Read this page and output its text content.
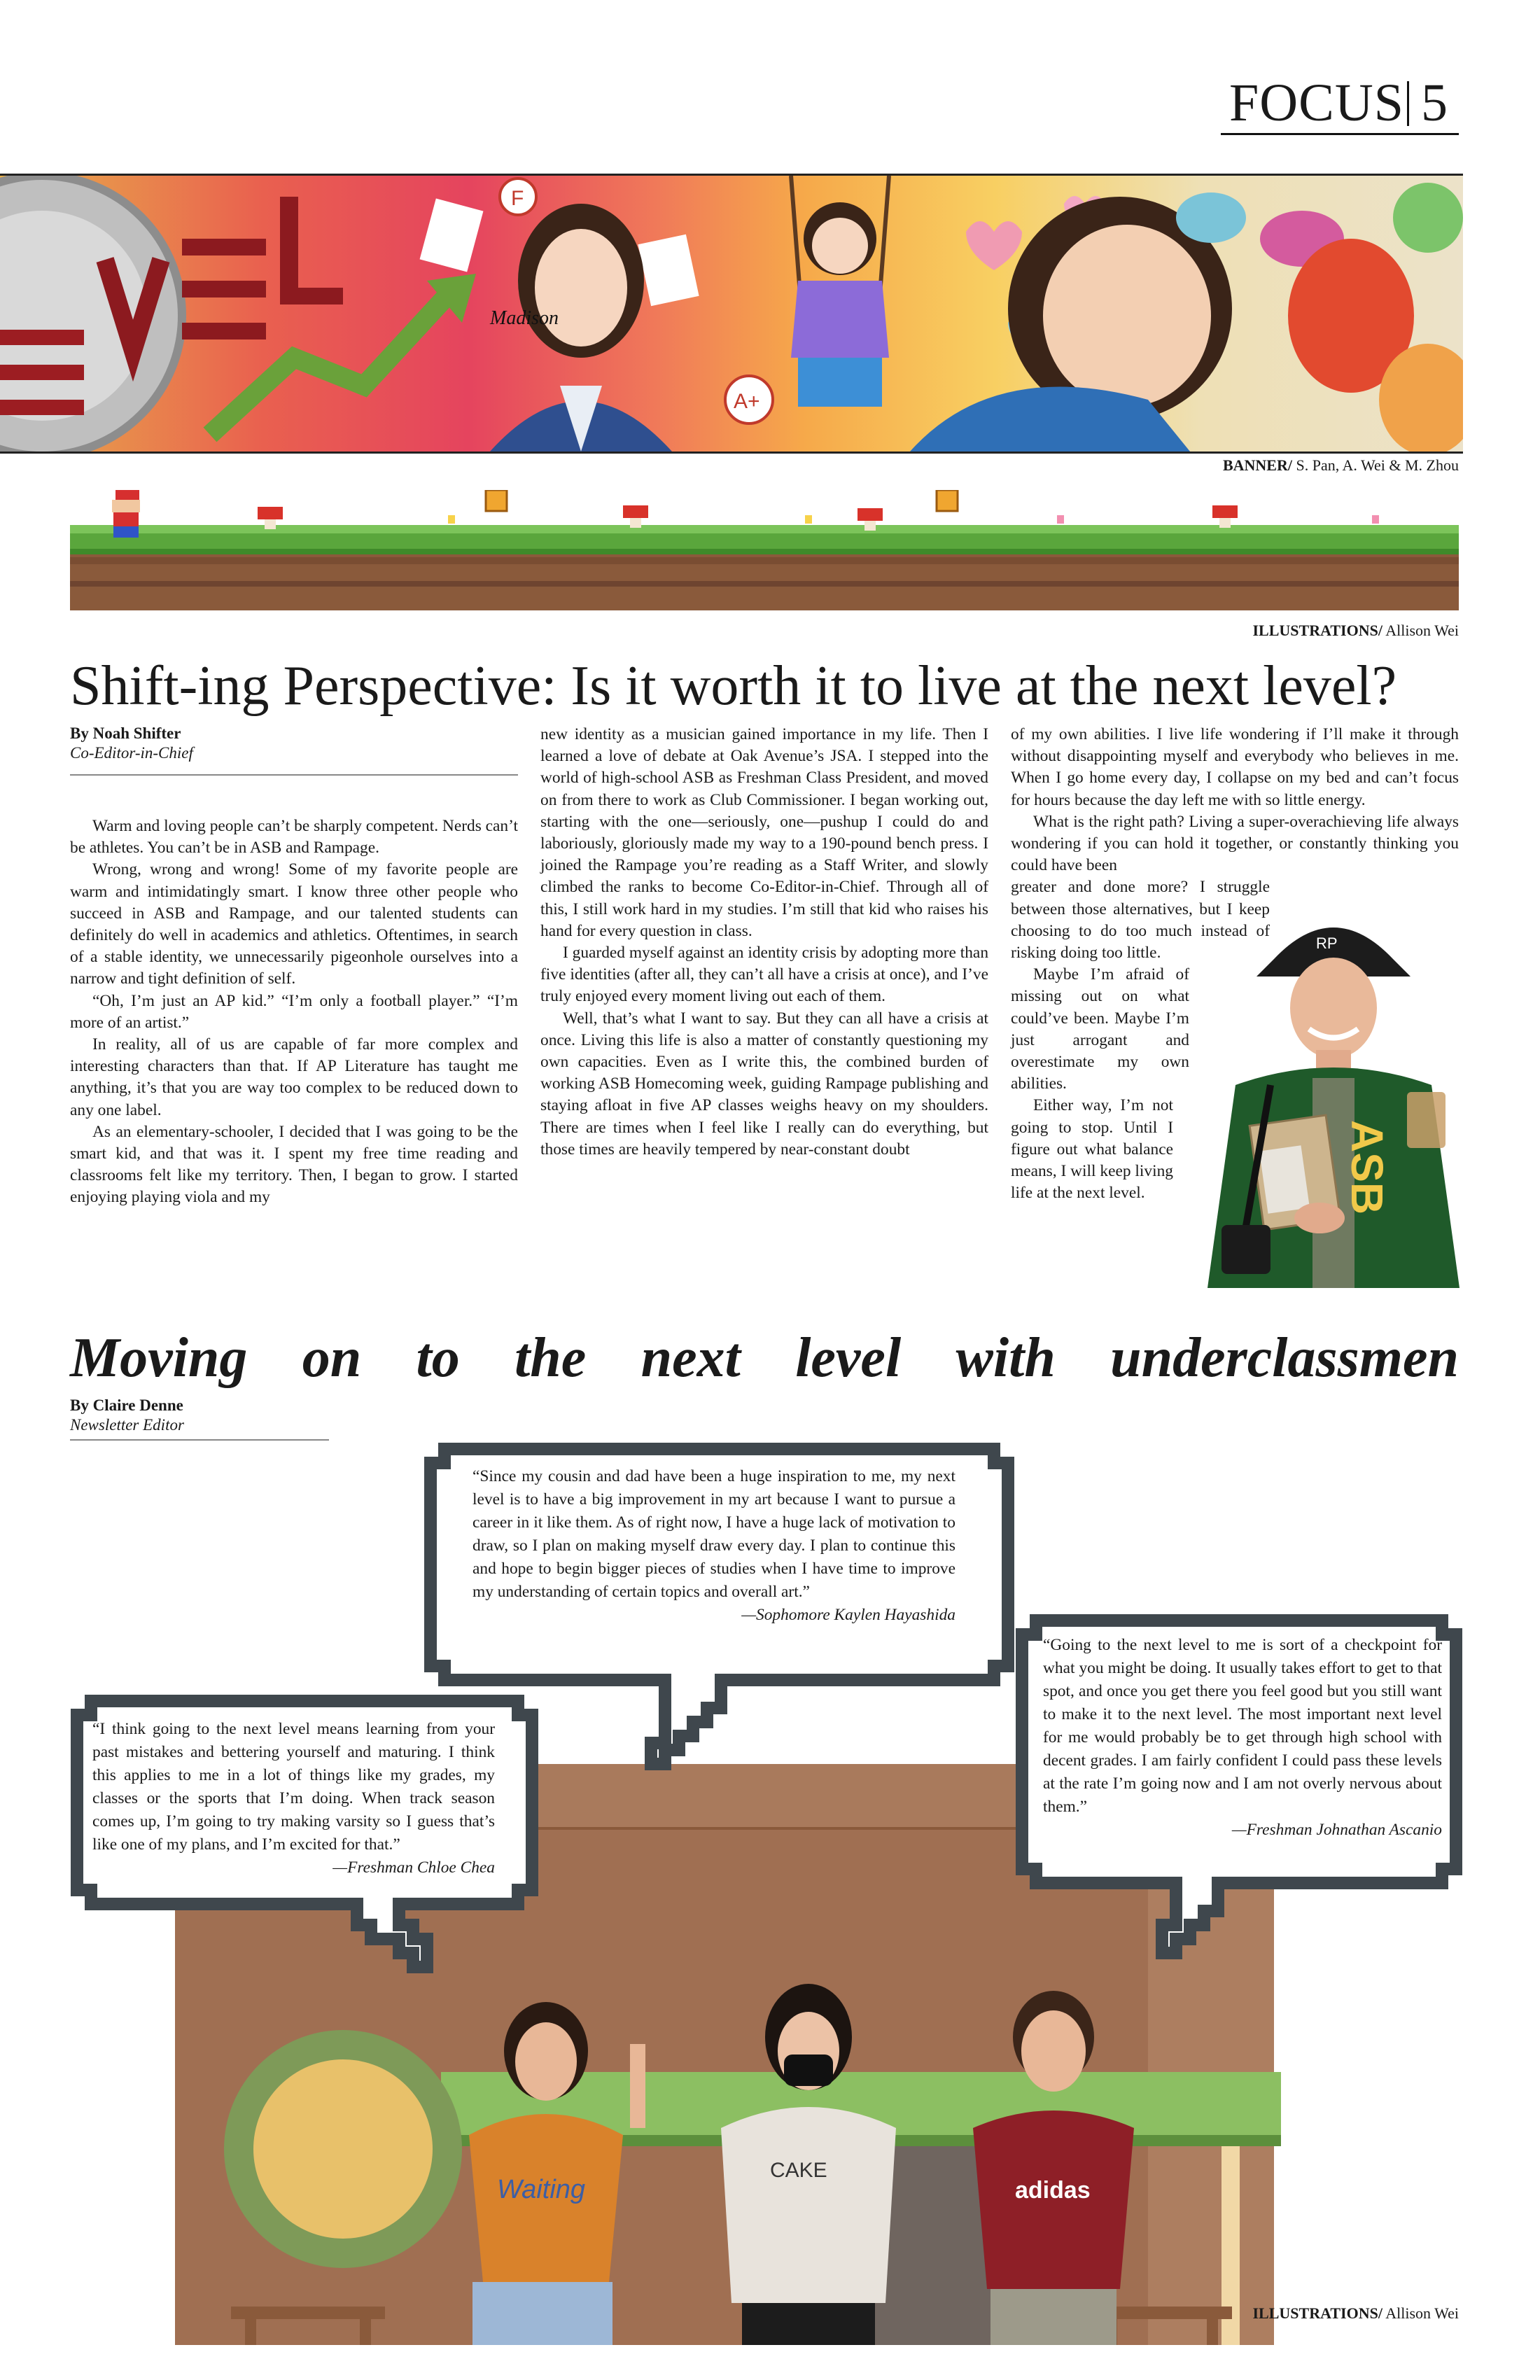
FOCUS 5
F
A+
Madison
BANNER/ S. Pan, A. Wei & M. Zhou
ILLUSTRATIONS/ Allison Wei
Shift-ing Perspective: Is it worth it to live at the next level?
By Noah Shifter
Co-Editor-in-Chief

Warm and loving people can’t be sharply competent. Nerds can’t be athletes. You can’t be in ASB and Rampage.

Wrong, wrong and wrong! Some of my favorite people are warm and intimidatingly smart. I know three other people who succeed in ASB and Rampage, and our talented students can definitely do well in academics and athletics. Oftentimes, in search of a stable identity, we unnecessarily pigeonhole ourselves into a narrow and tight definition of self.

“Oh, I’m just an AP kid.” “I’m only a football player.” “I’m more of an artist.”

In reality, all of us are capable of far more complex and interesting characters than that. If AP Literature has taught me anything, it’s that you are way too complex to be reduced down to any one label.

As an elementary-schooler, I decided that I was going to be the smart kid, and that was it. I spent my free time reading and classrooms felt like my territory. Then, I began to grow. I started enjoying playing viola and my

new identity as a musician gained importance in my life. Then I learned a love of debate at Oak Avenue’s JSA. I stepped into the world of high-school ASB as Freshman Class President, and moved on from there to work as Club Commissioner. I began working out, starting with the one—seriously, one—pushup I could do and laboriously, gloriously made my way to a 190-pound bench press. I joined the Rampage you’re reading as a Staff Writer, and slowly climbed the ranks to become Co-Editor-in-Chief. Through all of this, I still work hard in my studies. I’m still that kid who raises his hand for every question in class.

I guarded myself against an identity crisis by adopting more than five identities (after all, they can’t all have a crisis at once), and I’ve truly enjoyed every moment living out each of them.

Well, that’s what I want to say. But they can all have a crisis at once. Living this life is also a matter of constantly questioning my own capacities. Even as I write this, the combined burden of working ASB Homecoming week, guiding Rampage publishing and staying afloat in five AP classes weighs heavy on my shoulders. There are times when I feel like I really can do everything, but those times are heavily tempered by near-constant doubt

of my own abilities. I live life wondering if I’ll make it through without disappointing myself and everybody who believes in me. When I go home every day, I collapse on my bed and can’t focus for hours because the day left me with so little energy.

What is the right path? Living a super-overachieving life always wondering if you can hold it together, or constantly thinking you could have been

greater and done more? I struggle between those alternatives, but I keep choosing to do too much instead of risking doing too little.

Maybe I’m afraid of missing out on what could’ve been. Maybe I’m just arrogant and overestimate my own abilities.

Either way, I’m not going to stop. Until I figure out what balance means, I will keep living life at the next level.

RP
ASB
Moving on to the next level with underclassmen
By Claire Denne
Newsletter Editor
Waiting
CAKE
adidas

“Since my cousin and dad have been a huge inspiration to me, my next level is to have a big improvement in my art because I want to pursue a career in it like them. As of right now, I have a huge lack of motivation to draw, so I plan on making myself draw every day. I plan to continue this and hope to begin bigger pieces of studies when I have time to improve my understanding of certain topics and overall art.”

—Sophomore Kaylen Hayashida

“I think going to the next level means learning from your past mistakes and bettering yourself and maturing. I think this applies to me in a lot of things like my grades, my classes or the sports that I’m doing. When track season comes up, I’m going to try making varsity so I guess that’s like one of my plans, and I’m excited for that.”

—Freshman Chloe Chea

“Going to the next level to me is sort of a checkpoint for what you might be doing. It usually takes effort to get to that spot, and once you get there you feel good but you still want to make it to the next level. The most important next level for me would probably be to get through high school with decent grades. I am fairly confident I could pass these levels at the rate I’m going now and I am not overly nervous about them.”

—Freshman Johnathan Ascanio
ILLUSTRATIONS/ Allison Wei
